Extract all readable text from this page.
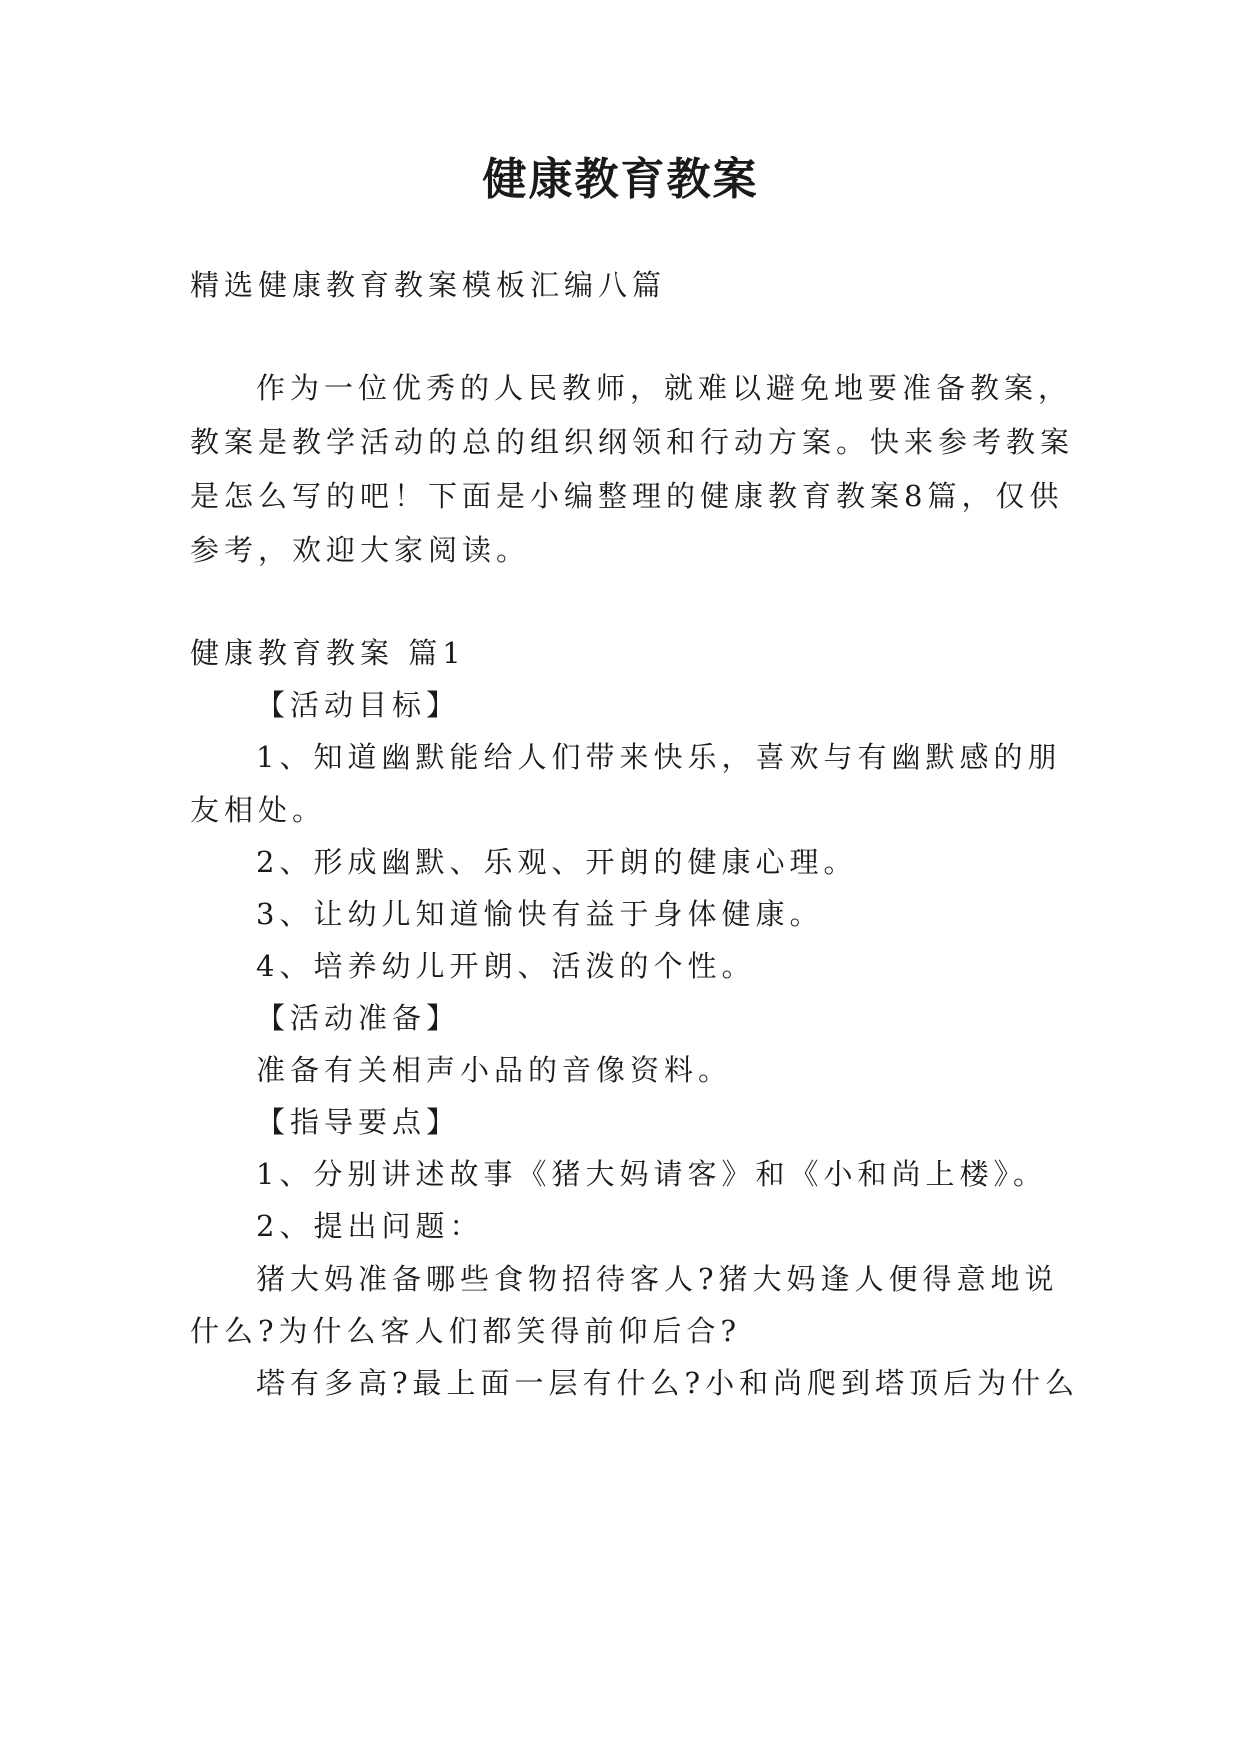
健康教育教案
精选健康教育教案模板汇编八篇
作为一位优秀的人民教师，就难以避免地要准备教案，
教案是教学活动的总的组织纲领和行动方案。快来参考教案
是怎么写的吧！下面是小编整理的健康教育教案8篇，仅供
参考，欢迎大家阅读。
健康教育教案 篇1
【活动目标】
1、知道幽默能给人们带来快乐，喜欢与有幽默感的朋
友相处。
2、形成幽默、乐观、开朗的健康心理。
3、让幼儿知道愉快有益于身体健康。
4、培养幼儿开朗、活泼的个性。
【活动准备】
准备有关相声小品的音像资料。
【指导要点】
1、分别讲述故事《猪大妈请客》和《小和尚上楼》。
2、提出问题：
猪大妈准备哪些食物招待客人?猪大妈逢人便得意地说
什么?为什么客人们都笑得前仰后合?
塔有多高?最上面一层有什么?小和尚爬到塔顶后为什么
